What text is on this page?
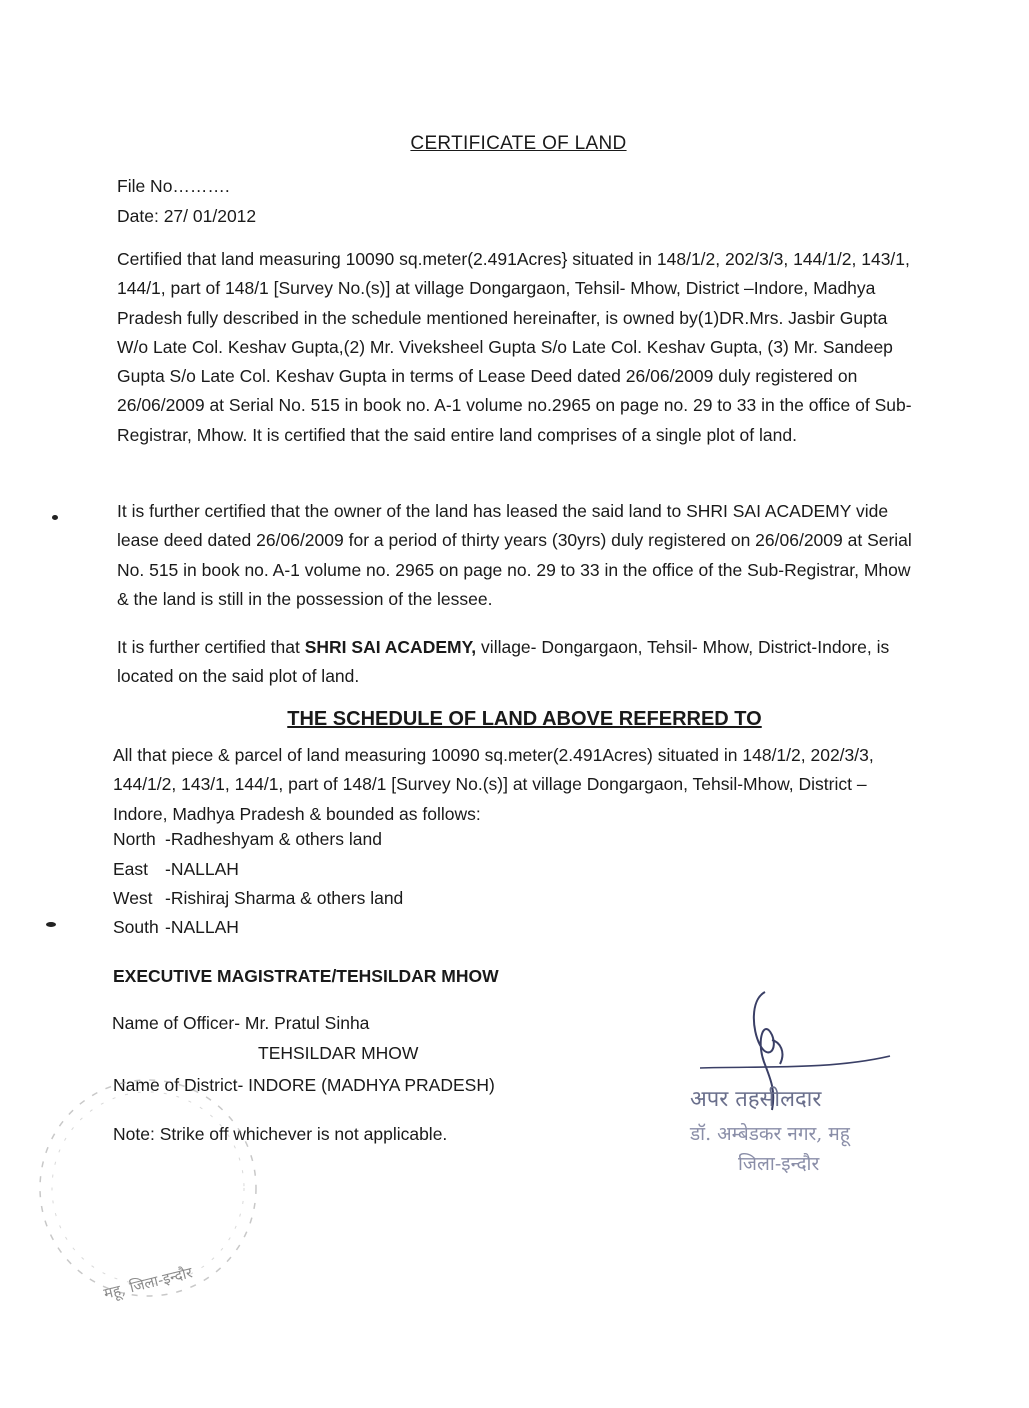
CERTIFICATE OF LAND
File No……….
Date: 27/ 01/2012

Certified that land measuring 10090 sq.meter(2.491Acres} situated in 148/1/2, 202/3/3, 144/1/2, 143/1, 144/1, part of 148/1 [Survey No.(s)] at village Dongargaon, Tehsil- Mhow, District –Indore, Madhya Pradesh fully described in the schedule mentioned hereinafter, is owned by(1)DR.Mrs. Jasbir Gupta W/o Late Col. Keshav Gupta,(2) Mr. Viveksheel Gupta S/o Late Col. Keshav Gupta, (3) Mr. Sandeep Gupta S/o Late Col. Keshav Gupta in terms of Lease Deed dated 26/06/2009 duly registered on 26/06/2009 at Serial No. 515 in book no. A-1 volume no.2965 on page no. 29 to 33 in the office of Sub-Registrar, Mhow. It is certified that the said entire land comprises of a single plot of land.

It is further certified that the owner of the land has leased the said land to SHRI SAI ACADEMY vide lease deed dated 26/06/2009 for a period of thirty years (30yrs) duly registered on 26/06/2009 at Serial No. 515 in book no. A-1 volume no. 2965 on page no. 29 to 33 in the office of the Sub-Registrar, Mhow & the land is still in the possession of the lessee.

It is further certified that SHRI SAI ACADEMY, village- Dongargaon, Tehsil- Mhow, District-Indore, is located on the said plot of land.

THE SCHEDULE OF LAND ABOVE REFERRED TO

All that piece & parcel of land measuring 10090 sq.meter(2.491Acres) situated in 148/1/2, 202/3/3, 144/1/2, 143/1, 144/1, part of 148/1 [Survey No.(s)] at village Dongargaon, Tehsil-Mhow, District –Indore, Madhya Pradesh & bounded as follows:

North -Radheshyam & others land
East -NALLAH
West -Rishiraj Sharma & others land
South -NALLAH
EXECUTIVE MAGISTRATE/TEHSILDAR MHOW
Name of Officer- Mr. Pratul Sinha
TEHSILDAR MHOW
Name of District- INDORE (MADHYA PRADESH)
Note: Strike off whichever is not applicable.
महू, जिला-इन्दौर
अपर तहसीलदार
डॉ. अम्बेडकर नगर, महू
जिला-इन्दौर
